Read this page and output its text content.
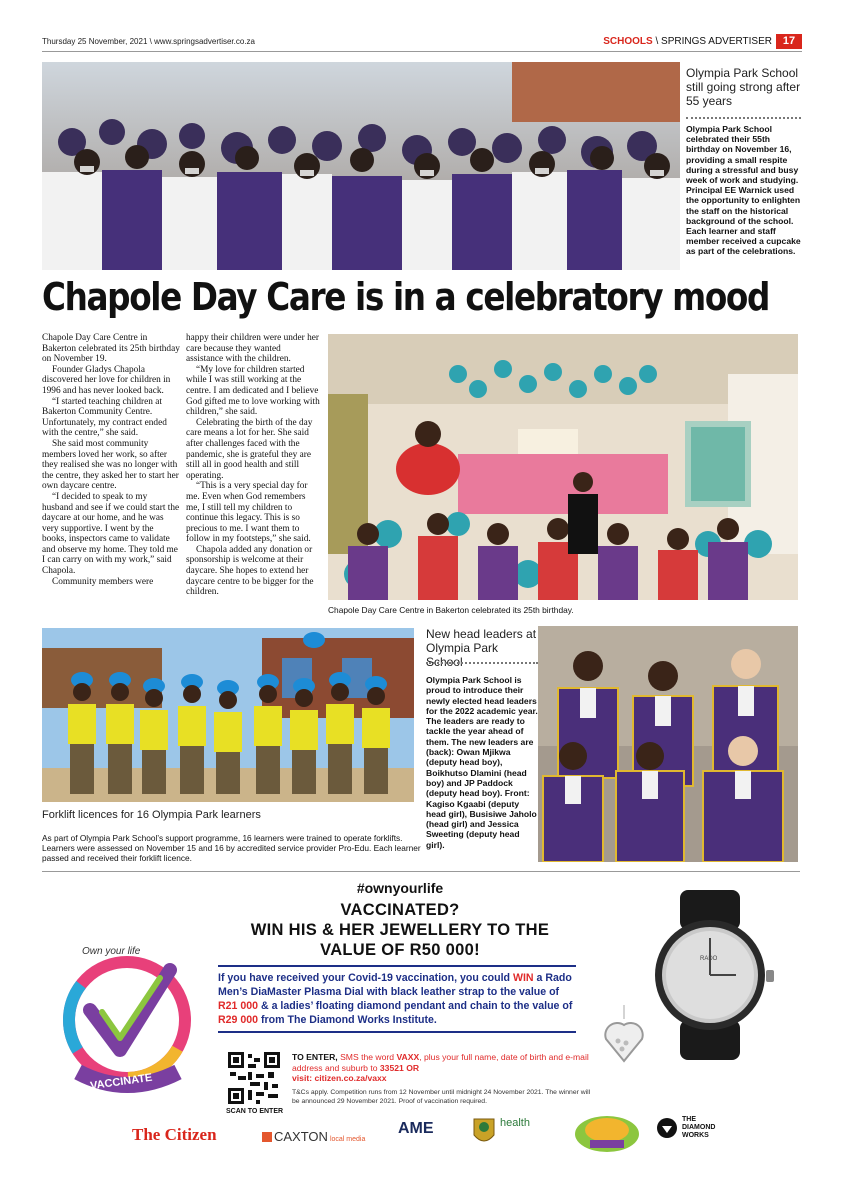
Thursday 25 November, 2021 \ www.springsadvertiser.co.za	SCHOOLS \ SPRINGS ADVERTISER 17
Olympia Park School still going strong after 55 years
Olympia Park School celebrated their 55th birthday on November 16, providing a small respite during a stressful and busy week of work and studying. Principal EE Warnick used the opportunity to enlighten the staff on the historical background of the school. Each learner and staff member received a cupcake as part of the celebrations.
Chapole Day Care is in a celebratory mood

Chapole Day Care Centre in Bakerton celebrated its 25th birthday on November 19.

Founder Gladys Chapola discovered her love for children in 1996 and has never looked back.

“I started teaching children at Bakerton Community Centre. Unfortunately, my contract ended with the centre,” she said.

She said most community members loved her work, so after they realised she was no longer with the centre, they asked her to start her own daycare centre.

“I decided to speak to my husband and see if we could start the daycare at our home, and he was very supportive. I went by the books, inspectors came to validate and observe my home. They told me I can carry on with my work,” said Chapola.

Community members were

happy their children were under her care because they wanted assistance with the children.

“My love for children started while I was still working at the centre. I am dedicated and I believe God gifted me to love working with children,” she said.

Celebrating the birth of the day care means a lot for her. She said after challenges faced with the pandemic, she is grateful they are still all in good health and still operating.

“This is a very special day for me. Even when God remembers me, I still tell my children to continue this legacy. This is so precious to me. I want them to follow in my footsteps,” she said.

Chapola added any donation or sponsorship is welcome at their daycare. She hopes to extend her daycare centre to be bigger for the children.

Chapole Day Care Centre in Bakerton celebrated its 25th birthday.
Forklift licences for 16 Olympia Park learners
As part of Olympia Park School’s support programme, 16 learners were trained to operate forklifts. Learners were assessed on November 15 and 16 by accredited service provider Pro-Edu. Each learner passed and received their forklift licence.
New head leaders at Olympia Park School
Olympia Park School is proud to introduce their newly elected head leaders for the 2022 academic year. The leaders are ready to tackle the year ahead of them. The new leaders are (back): Owan Mjikwa (deputy head boy), Boikhutso Dlamini (head boy) and JP Paddock (deputy head boy). Front: Kagiso Kgaabi (deputy head girl), Busisiwe Jaholo (head girl) and Jessica Sweeting (deputy head girl).
Own your life
VACCINATE
#ownyourlife
VACCINATED?
WIN HIS & HER JEWELLERY TO THE
VALUE OF R50 000!
If you have received your Covid-19 vaccination, you could WIN a Rado Men’s DiaMaster Plasma Dial with black leather strap to the value of R21 000 & a ladies’ floating diamond pendant and chain to the value of R29 000 from The Diamond Works Institute.
SCAN TO ENTER
TO ENTER, SMS the word VAXX, plus your full name, date of birth and e-mail address and suburb to 33521 OR
visit: citizen.co.za/vaxx
T&Cs apply. Competition runs from 12 November until midnight 24 November 2021. The winner will be announced 29 November 2021. Proof of vaccination required.
RADO
The Citizen	CAXTON local media
AME	health	THE
DIAMOND
WORKS
